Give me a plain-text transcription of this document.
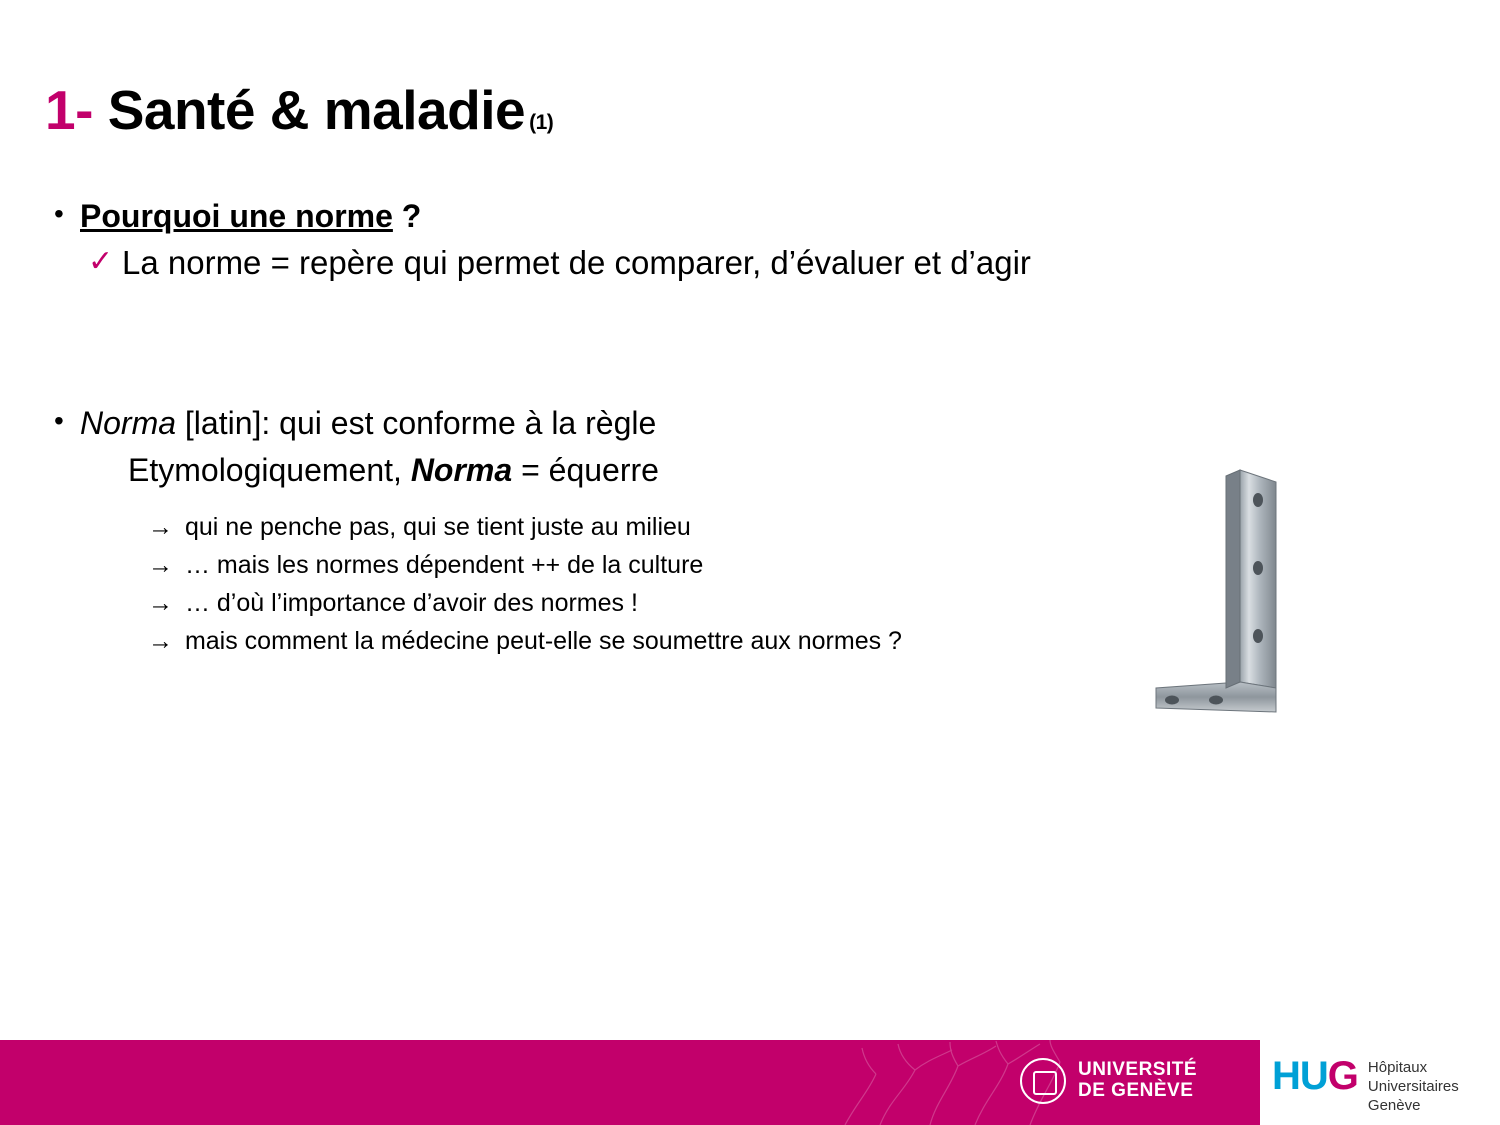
1- Santé & maladie (1)
• Pourquoi une norme ?
✓ La norme = repère qui permet de comparer, d’évaluer et d’agir
• Norma [latin]: qui est conforme à la règle
Etymologiquement, Norma = équerre
→ qui ne penche pas, qui se tient juste au milieu
→ … mais les normes dépendent ++ de la culture
→ … d’où l’importance d’avoir des normes !
→ mais comment la médecine peut-elle se soumettre aux normes ?
UNIVERSITÉ
DE GENÈVE HUG Hôpitaux
Universitaires
Genève
